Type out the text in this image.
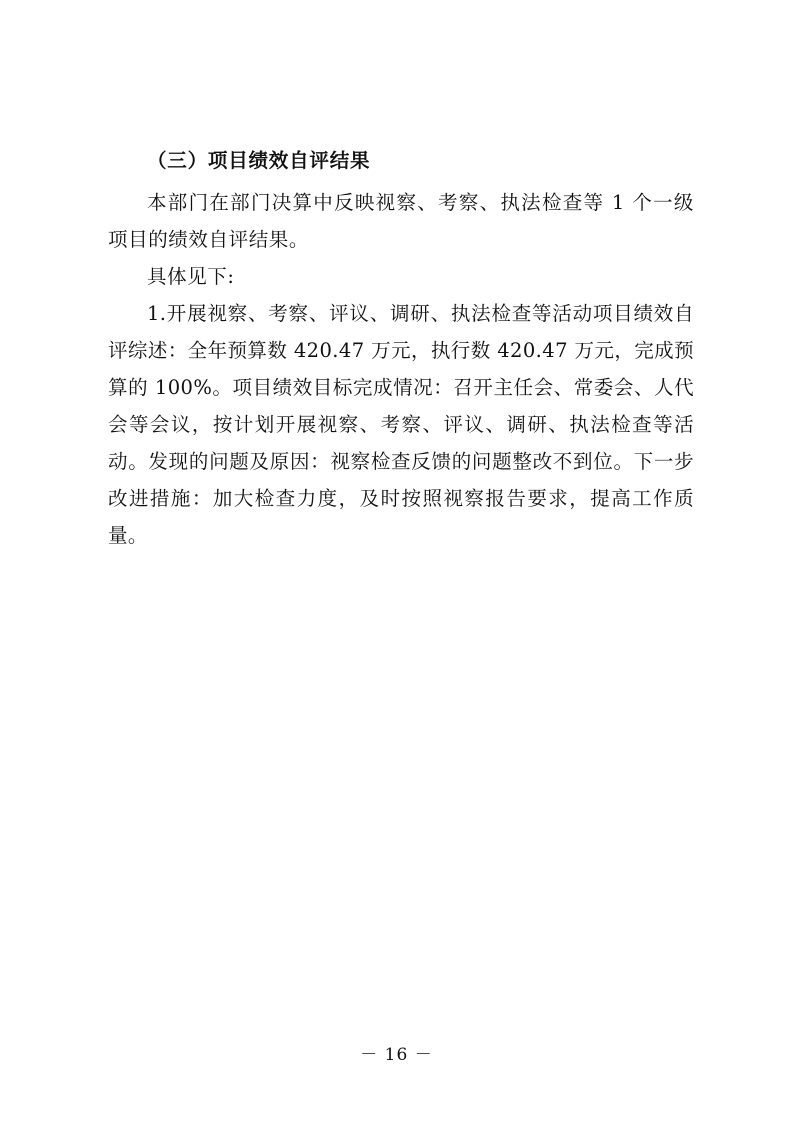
（三）项目绩效自评结果

本部门在部门决算中反映视察、考察、执法检查等 1 个一级项目的绩效自评结果。

具体见下:

1.开展视察、考察、评议、调研、执法检查等活动项目绩效自评综述：全年预算数 420.47 万元，执行数 420.47 万元，完成预算的 100%。项目绩效目标完成情况：召开主任会、常委会、人代会等会议，按计划开展视察、考察、评议、调研、执法检查等活动。发现的问题及原因：视察检查反馈的问题整改不到位。下一步改进措施：加大检查力度，及时按照视察报告要求，提高工作质量。

－ 16 －
